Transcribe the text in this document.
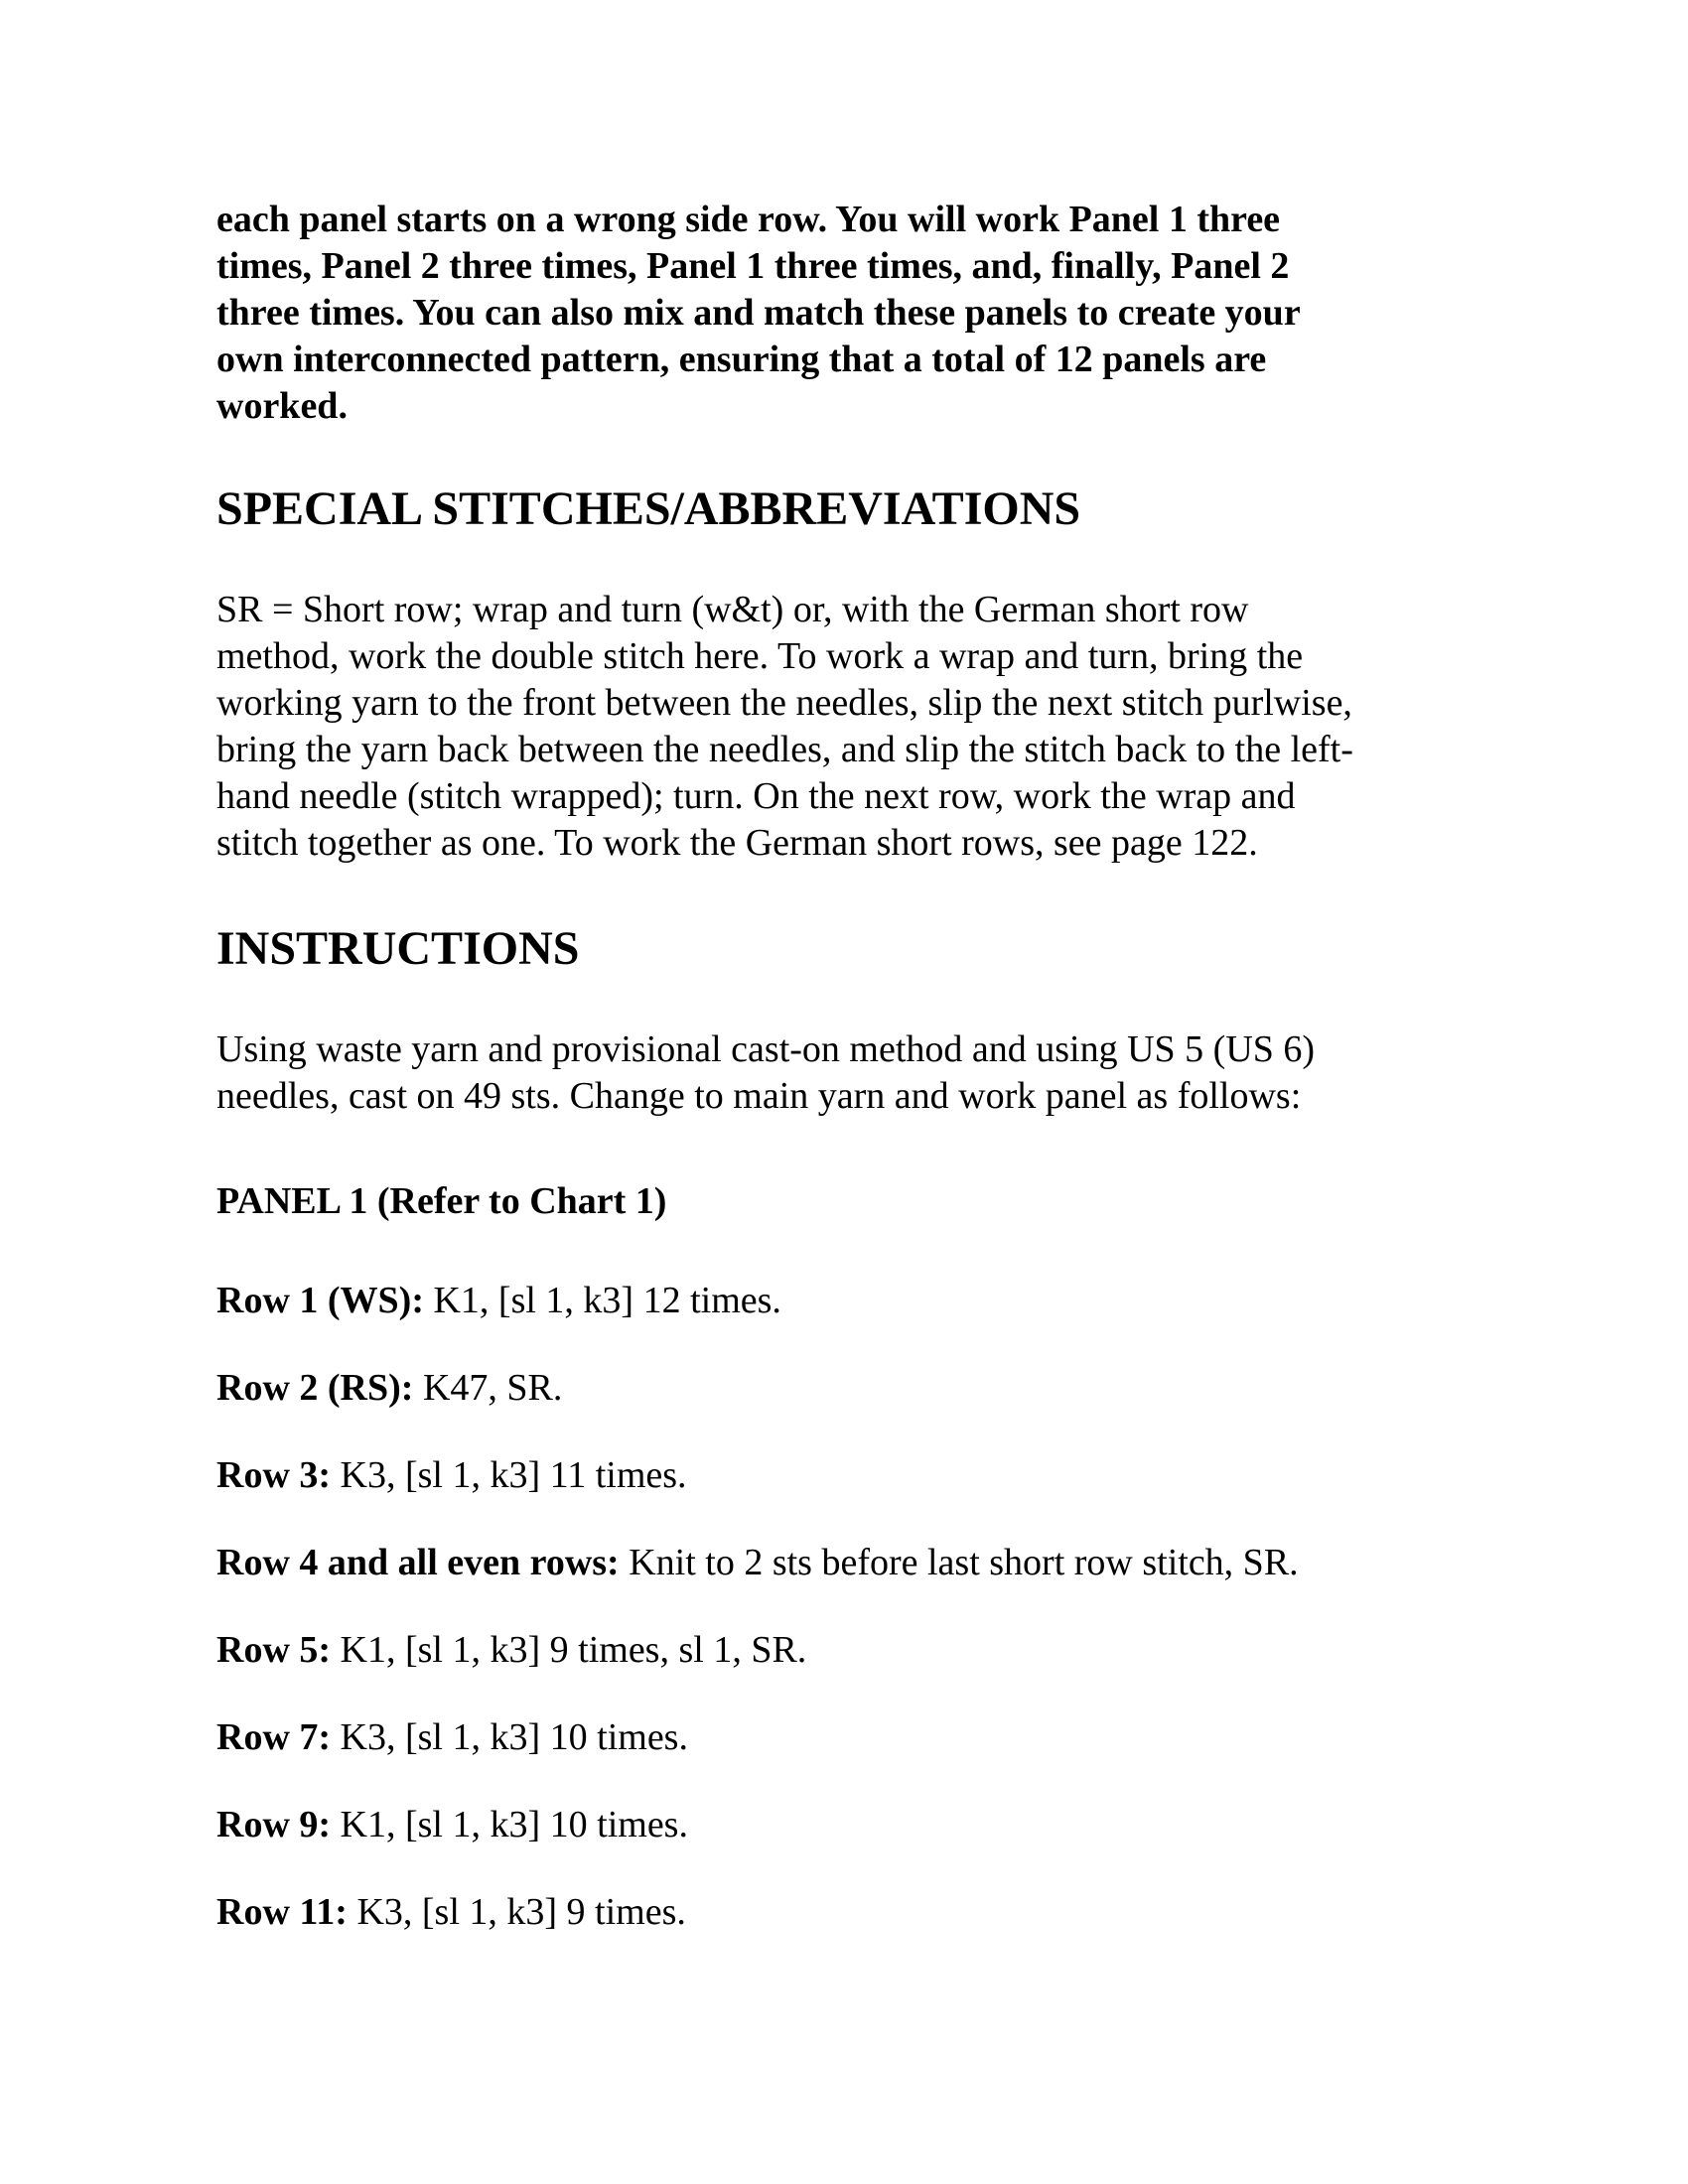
each panel starts on a wrong side row. You will work Panel 1 three
times, Panel 2 three times, Panel 1 three times, and, finally, Panel 2
three times. You can also mix and match these panels to create your
own interconnected pattern, ensuring that a total of 12 panels are
worked.

SPECIAL STITCHES/ABBREVIATIONS

SR = Short row; wrap and turn (w&t) or, with the German short row
method, work the double stitch here. To work a wrap and turn, bring the
working yarn to the front between the needles, slip the next stitch purlwise,
bring the yarn back between the needles, and slip the stitch back to the left-
hand needle (stitch wrapped); turn. On the next row, work the wrap and
stitch together as one. To work the German short rows, see page 122.

INSTRUCTIONS

Using waste yarn and provisional cast-on method and using US 5 (US 6)
needles, cast on 49 sts. Change to main yarn and work panel as follows:

PANEL 1 (Refer to Chart 1)

Row 1 (WS): K1, [sl 1, k3] 12 times.

Row 2 (RS): K47, SR.

Row 3: K3, [sl 1, k3] 11 times.

Row 4 and all even rows: Knit to 2 sts before last short row stitch, SR.

Row 5: K1, [sl 1, k3] 9 times, sl 1, SR.

Row 7: K3, [sl 1, k3] 10 times.

Row 9: K1, [sl 1, k3] 10 times.

Row 11: K3, [sl 1, k3] 9 times.
